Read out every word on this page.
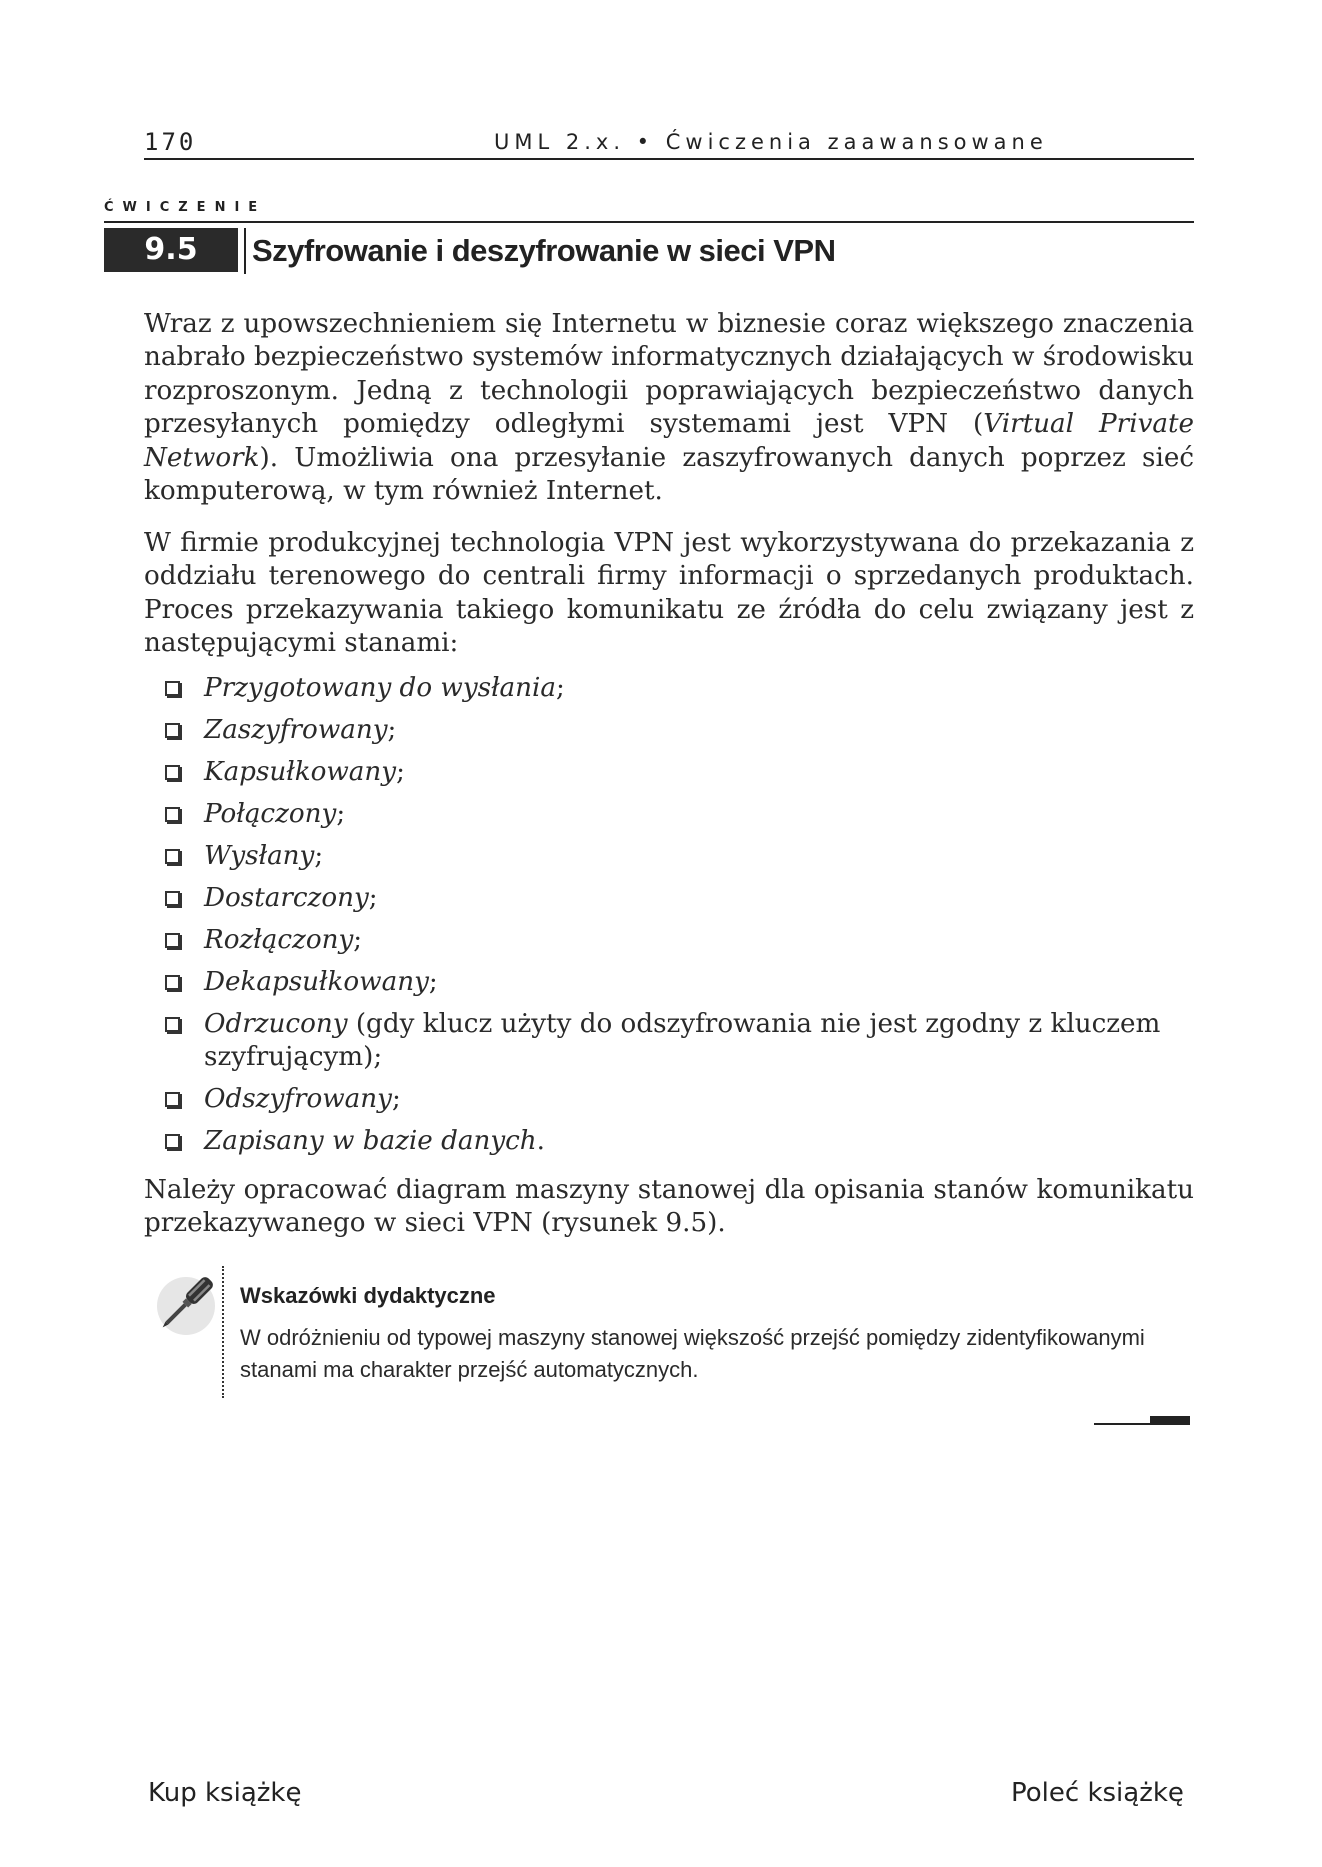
170	UML 2.x. • Ćwiczenia zaawansowane
ĆWICZENIE
9.5	Szyfrowanie i deszyfrowanie w sieci VPN

Wraz z upowszechnieniem się Internetu w biznesie coraz większego znaczenia nabrało bezpieczeństwo systemów informatycznych działających w środowisku rozproszonym. Jedną z technologii poprawiających bezpieczeństwo danych przesyłanych pomiędzy odległymi systemami jest VPN (Virtual Private Network). Umożliwia ona przesyłanie zaszyfrowanych danych poprzez sieć komputerową, w tym również Internet.

W firmie produkcyjnej technologia VPN jest wykorzystywana do przekazania z oddziału terenowego do centrali firmy informacji o sprzedanych produktach. Proces przekazywania takiego komunikatu ze źródła do celu związany jest z następującymi stanami:

Przygotowany do wysłania;
Zaszyfrowany;
Kapsułkowany;
Połączony;
Wysłany;
Dostarczony;
Rozłączony;
Dekapsułkowany;
Odrzucony (gdy klucz użyty do odszyfrowania nie jest zgodny z kluczem szyfrującym);
Odszyfrowany;
Zapisany w bazie danych.

Należy opracować diagram maszyny stanowej dla opisania stanów komunikatu przekazywanego w sieci VPN (rysunek 9.5).

Wskazówki dydaktyczne
W odróżnieniu od typowej maszyny stanowej większość przejść pomiędzy zidentyfikowanymi stanami ma charakter przejść automatycznych.
Kup książkę	Poleć książkę
